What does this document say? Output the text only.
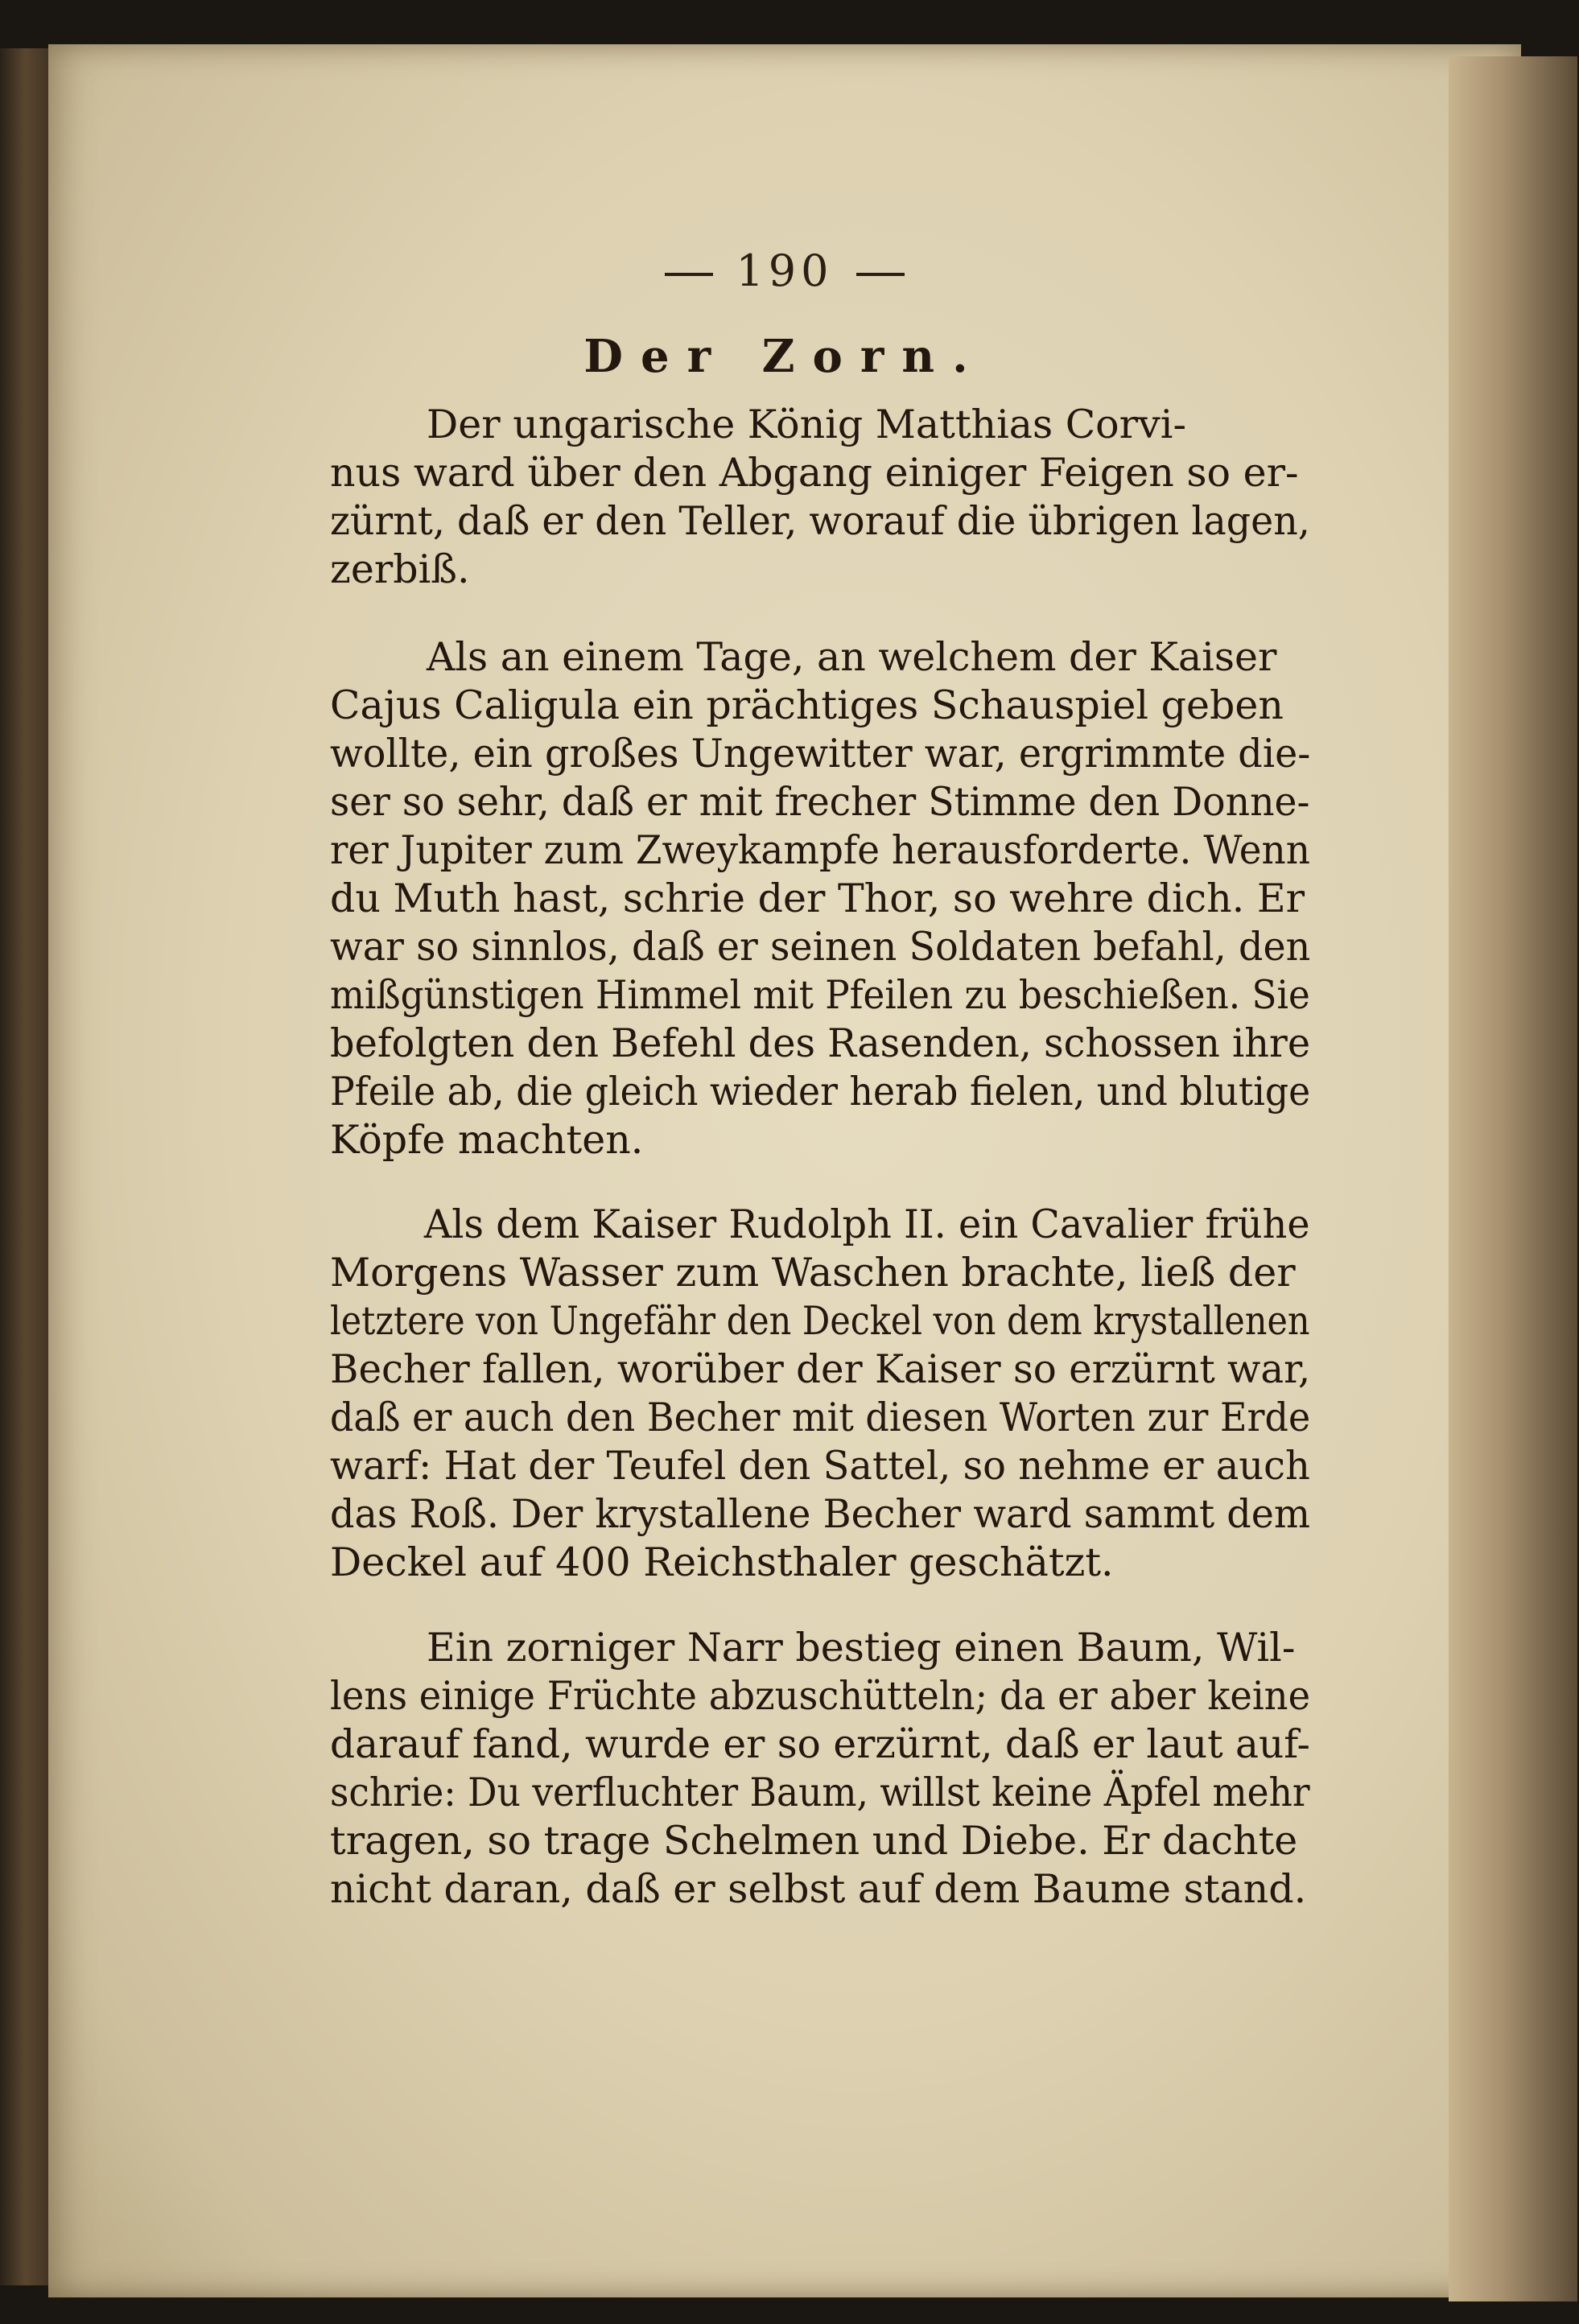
190
Der Zorn.
Der ungarische König Matthias Corvi-
nus ward über den Abgang einiger Feigen so er-
zürnt, daß er den Teller, worauf die übrigen lagen,
zerbiß.
Als an einem Tage, an welchem der Kaiser
Cajus Caligula ein prächtiges Schauspiel geben
wollte, ein großes Ungewitter war, ergrimmte die-
ser so sehr, daß er mit frecher Stimme den Donne-
rer Jupiter zum Zweykampfe herausforderte. Wenn
du Muth hast, schrie der Thor, so wehre dich. Er
war so sinnlos, daß er seinen Soldaten befahl, den
mißgünstigen Himmel mit Pfeilen zu beschießen. Sie
befolgten den Befehl des Rasenden, schossen ihre
Pfeile ab, die gleich wieder herab fielen, und blutige
Köpfe machten.
Als dem Kaiser Rudolph II. ein Cavalier frühe
Morgens Wasser zum Waschen brachte, ließ der
letztere von Ungefähr den Deckel von dem krystallenen
Becher fallen, worüber der Kaiser so erzürnt war,
daß er auch den Becher mit diesen Worten zur Erde
warf: Hat der Teufel den Sattel, so nehme er auch
das Roß. Der krystallene Becher ward sammt dem
Deckel auf 400 Reichsthaler geschätzt.
Ein zorniger Narr bestieg einen Baum, Wil-
lens einige Früchte abzuschütteln; da er aber keine
darauf fand, wurde er so erzürnt, daß er laut auf-
schrie: Du verfluchter Baum, willst keine Äpfel mehr
tragen, so trage Schelmen und Diebe. Er dachte
nicht daran, daß er selbst auf dem Baume stand.
